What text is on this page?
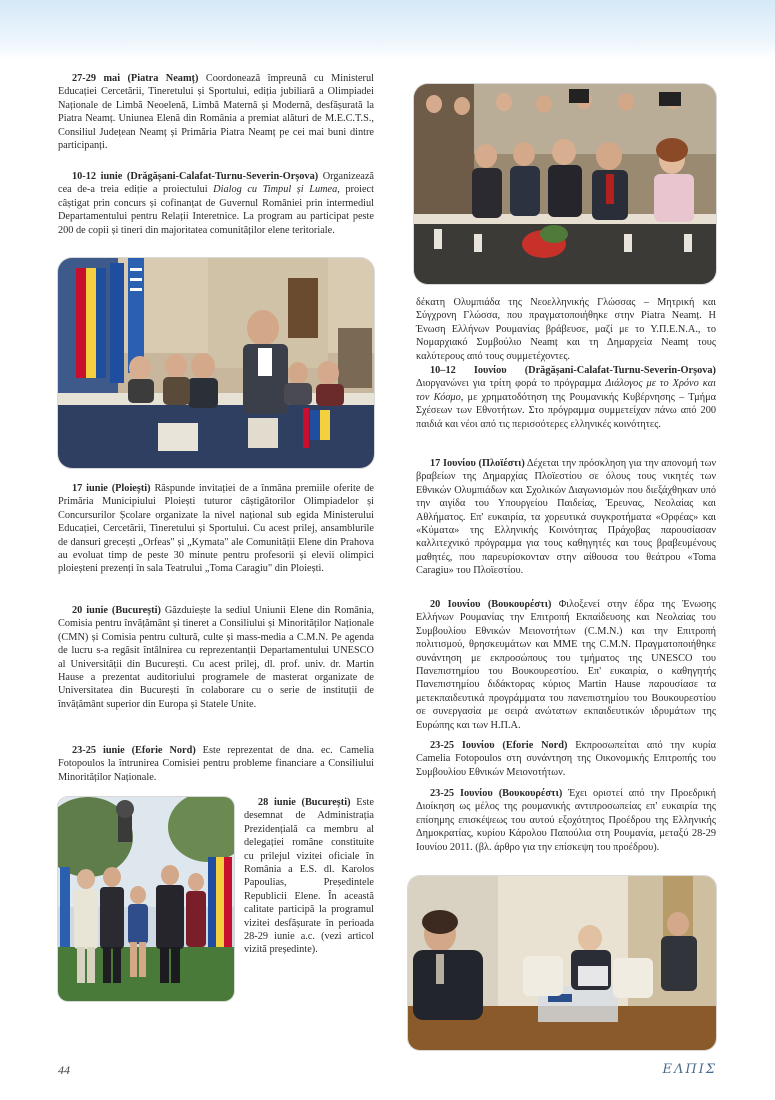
27-29 mai (Piatra Neamț) Coordonează împreună cu Ministerul Educației Cercetării, Tineretului și Sportului, ediția jubiliară a Olimpiadei Naționale de Limbă Neoelenă, Limbă Maternă și Modernă, desfășurată la Piatra Neamț. Uniunea Elenă din România a premiat alături de M.E.C.T.S., Consiliul Județean Neamț și Primăria Piatra Neamț pe cei mai buni dintre participanți.
10-12 iunie (Drăgășani-Calafat-Turnu-Severin-Orșova) Organizează cea de-a treia ediție a proiectului Dialog cu Timpul și Lumea, proiect câștigat prin concurs și cofinanțat de Guvernul României prin intermediul Departamentului pentru Relații Interetnice. La program au participat peste 200 de copii și tineri din majoritatea comunităților elene teritoriale.
17 iunie (Ploiești) Răspunde invitației de a înmâna premiile oferite de Primăria Municipiului Ploiești tuturor câștigătorilor Olimpiadelor și Concursurilor Școlare organizate la nivel național sub egida Ministerului Educației, Cercetării, Tineretului și Sportului. Cu acest prilej, ansamblurile de dansuri grecești „Orfeas" și „Kymata" ale Comunității Elene din Prahova au evoluat timp de peste 30 minute pentru profesorii și elevii olimpici ploieșteni prezenți în sala Teatrului „Toma Caragiu" din Ploiești.
20 iunie (București) Găzduiește la sediul Uniunii Elene din România, Comisia pentru învățământ și tineret a Consiliului și Minorităților Naționale (CMN) și Comisia pentru cultură, culte și mass-media a C.M.N. Pe agenda de lucru s-a regăsit întâlnirea cu reprezentanții Departamentului UNESCO al Universității din București. Cu acest prilej, dl. prof. univ. dr. Martin Hause a prezentat auditoriului programele de masterat organizate de Universitatea din București în colaborare cu o serie de instituții de învățământ superior din Europa și Statele Unite.
23-25 iunie (Eforie Nord) Este reprezentat de dna. ec. Camelia Fotopoulos la întrunirea Comisiei pentru probleme financiare a Consiliului Minorităților Naționale.
28 iunie (București) Este desemnat de Administrația Prezidențială ca membru al delegației române constituite cu prilejul vizitei oficiale în România a E.S. dl. Karolos Papoulias, Președintele Republicii Elene. În această calitate participă la programul vizitei desfășurate în perioada 28-29 iunie a.c. (vezi articol vizită președinte).
δέκατη Ολυμπιάδα της Νεοελληνικής Γλώσσας – Μητρική και Σύγχρονη Γλώσσα, που πραγματοποιήθηκε στην Piatra Neamț. Η Ένωση Ελλήνων Ρουμανίας βράβευσε, μαζί με το Υ.Π.Ε.Ν.Α., το Νομαρχιακό Συμβούλιο Neamț και τη Δημαρχεία Neamț τους καλύτερους από τους συμμετέχοντες.
10–12 Ιουνίου (Drăgășani-Calafat-Turnu-Severin-Orșova) Διοργανώνει για τρίτη φορά το πρόγραμμα Διάλογος με το Χρόνο και τον Κόσμο, με χρηματοδότηση της Ρουμανικής Κυβέρνησης – Τμήμα Σχέσεων των Εθνοτήτων. Στο πρόγραμμα συμμετείχαν πάνω από 200 παιδιά και νέοι από τις περισσότερες ελληνικές κοινότητες.
17 Ιουνίου (Πλοϊέστι) Δέχεται την πρόσκληση για την απονομή των βραβείων της Δημαρχίας Πλοϊεστίου σε όλους τους νικητές των Εθνικών Ολυμπιάδων και Σχολικών Διαγωνισμών που διεξάχθηκαν υπό την αιγίδα του Υπουργείου Παιδείας, Έρευνας, Νεολαίας και Αθλήματος. Επ' ευκαιρία, τα χορευτικά συγκροτήματα «Ορφέας» και «Κύματα» της Ελληνικής Κοινότητας Πράχοβας παρουσίασαν καλλιτεχνικό πρόγραμμα για τους καθηγητές και τους βραβευμένους μαθητές, που παρευρίσκονταν στην αίθουσα του θεάτρου «Toma Caragiu» του Πλοϊεστίου.
20 Ιουνίου (Βουκουρέστι) Φιλοξενεί στην έδρα της Ένωσης Ελλήνων Ρουμανίας την Επιτροπή Εκπαίδευσης και Νεολαίας του Συμβουλίου Εθνικών Μειονοτήτων (C.M.N.) και την Επιτροπή πολιτισμού, θρησκευμάτων και ΜΜΕ της C.M.N. Πραγματοποιήθηκε συνάντηση με εκπροσώπους του τμήματος της UNESCO του Πανεπιστημίου του Βουκουρεστίου. Επ' ευκαιρία, ο καθηγητής Πανεπιστημίου διδάκτορας κύριος Martin Hause παρουσίασε τα μετεκπαιδευτικά προγράμματα του πανεπιστημίου του Βουκουρεστίου σε συνεργασία με σειρά ανώτατων εκπαιδευτικών ιδρυμάτων της Ευρώπης και των Η.Π.Α.
23-25 Ιουνίου (Eforie Nord) Εκπροσωπείται από την κυρία Camelia Fotopoulos στη συνάντηση της Οικονομικής Επιτροπής του Συμβουλίου Εθνικών Μειονοτήτων.
23-25 Ιουνίου (Βουκουρέστι) Έχει οριστεί από την Προεδρική Διοίκηση ως μέλος της ρουμανικής αντιπροσωπείας επ' ευκαιρία της επίσημης επισκέψεως του αυτού εξοχότητος Προέδρου της Ελληνικής Δημοκρατίας, κυρίου Κάρολου Παπούλια στη Ρουμανία, μεταξύ 28-29 Ιουνίου 2011. (βλ. άρθρο για την επίσκεψη του προέδρου).
44	ΕΛΠΙΣ
